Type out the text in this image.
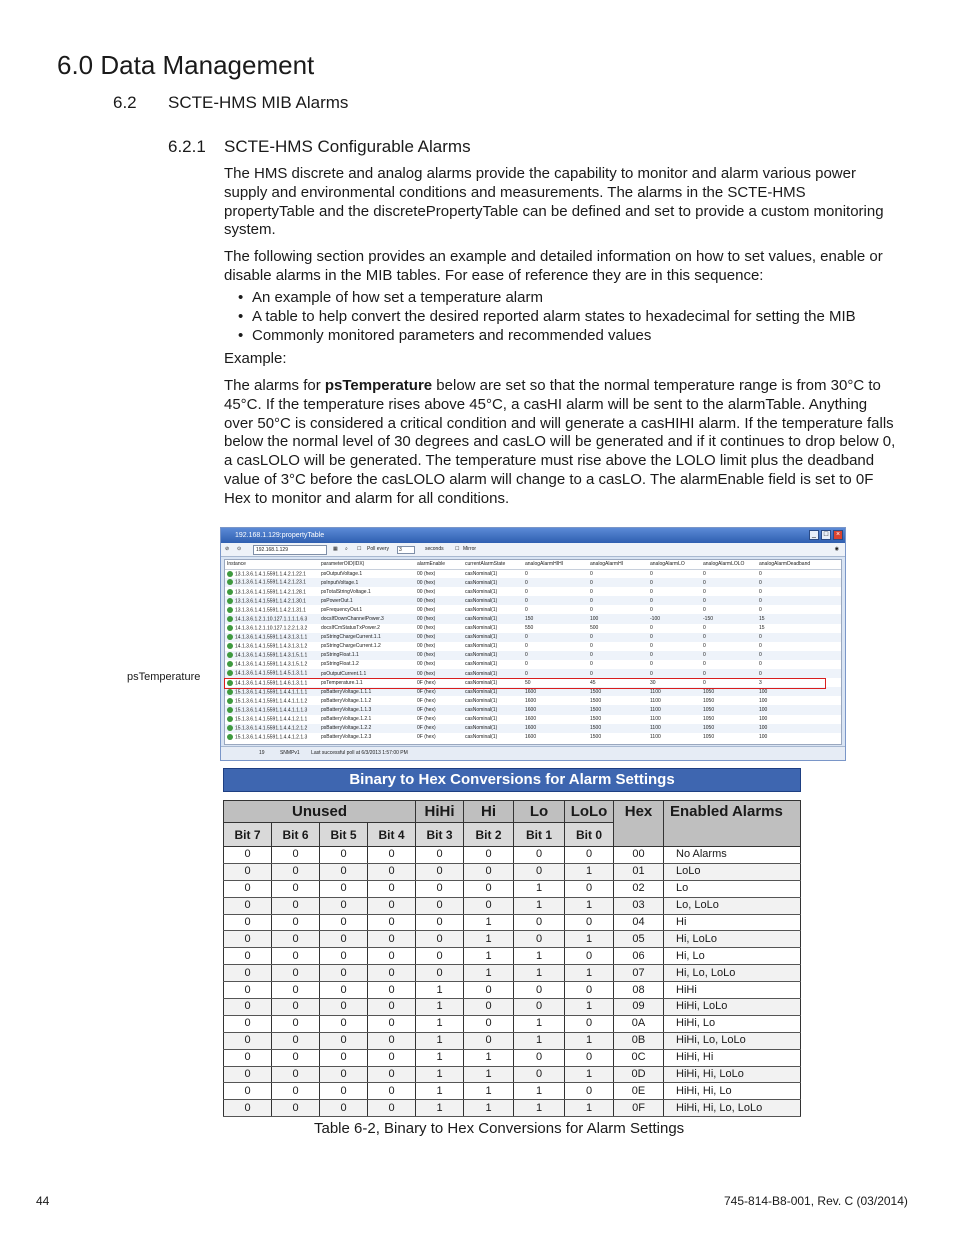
6.0 Data Management
6.2 SCTE-HMS MIB Alarms
6.2.1 SCTE-HMS Configurable Alarms

The HMS discrete and analog alarms provide the capability to monitor and alarm various power supply and environmental conditions and measurements. The alarms in the SCTE-HMS propertyTable and the discretePropertyTable can be defined and set to provide a custom monitoring system.

The following section provides an example and detailed information on how to set values, enable or disable alarms in the MIB tables. For ease of reference they are in this sequence:

• An example of how set a temperature alarm
• A table to help convert the desired reported alarm states to hexadecimal for setting the MIB
• Commonly monitored parameters and recommended values

Example:

The alarms for psTemperature below are set so that the normal temperature range is from 30°C to 45°C. If the temperature rises above 45°C, a casHI alarm will be sent to the alarmTable. Anything over 50°C is considered a critical condition and will generate a casHIHI alarm. If the temperature falls below the normal level of 30 degrees and casLO will be generated and if it continues to drop below 0, a casLOLO will be generated. The temperature must rise above the LOLO limit plus the deadband value of 3°C before the casLOLO alarm will change to a casLO. The alarmEnable field is set to 0F Hex to monitor and alarm for all conditions.

192.168.1.129:propertyTable	_	□	×
⊘ ⊙	192.168.1.129	▦ ⌕ ☐ Poll every	3	seconds ☐ Mirror	◉
Instance	parameterOID(IDX)	alarmEnable	currentAlarmState	analogAlarmHIHI	analogAlarmHI	analogAlarmLO	analogAlarmLOLO	analogAlarmDeadband
13.1.3.6.1.4.1.5591.1.4.2.1.22.1	psOutputVoltage.1	00 (hex)	casNominal(1)	0	0	0	0	0
13.1.3.6.1.4.1.5591.1.4.2.1.23.1	psInputVoltage.1	00 (hex)	casNominal(1)	0	0	0	0	0
13.1.3.6.1.4.1.5591.1.4.2.1.28.1	psTotalStringVoltage.1	00 (hex)	casNominal(1)	0	0	0	0	0
13.1.3.6.1.4.1.5591.1.4.2.1.30.1	psPowerOut.1	00 (hex)	casNominal(1)	0	0	0	0	0
13.1.3.6.1.4.1.5591.1.4.2.1.31.1	psFrequencyOut.1	00 (hex)	casNominal(1)	0	0	0	0	0
14.1.3.6.1.2.1.10.127.1.1.1.1.6.3	docsIfDownChannelPower.3	00 (hex)	casNominal(1)	150	100	-100	-150	15
14.1.3.6.1.2.1.10.127.1.2.2.1.3.2	docsIfCmStatusTxPower.2	00 (hex)	casNominal(1)	550	500	0	0	15
14.1.3.6.1.4.1.5591.1.4.3.1.3.1.1	psStringChargeCurrent.1.1	00 (hex)	casNominal(1)	0	0	0	0	0
14.1.3.6.1.4.1.5591.1.4.3.1.3.1.2	psStringChargeCurrent.1.2	00 (hex)	casNominal(1)	0	0	0	0	0
14.1.3.6.1.4.1.5591.1.4.3.1.5.1.1	psStringFloat.1.1	00 (hex)	casNominal(1)	0	0	0	0	0
14.1.3.6.1.4.1.5591.1.4.3.1.5.1.2	psStringFloat.1.2	00 (hex)	casNominal(1)	0	0	0	0	0
14.1.3.6.1.4.1.5591.1.4.5.1.3.1.1	psOutputCurrent.1.1	00 (hex)	casNominal(1)	0	0	0	0	0
14.1.3.6.1.4.1.5591.1.4.6.1.3.1.1	psTemperature.1.1	0F (hex)	casNominal(1)	50	45	30	0	3
15.1.3.6.1.4.1.5591.1.4.4.1.1.1.1	psBatteryVoltage.1.1.1	0F (hex)	casNominal(1)	1600	1500	1100	1050	100
15.1.3.6.1.4.1.5591.1.4.4.1.1.1.2	psBatteryVoltage.1.1.2	0F (hex)	casNominal(1)	1600	1500	1100	1050	100
15.1.3.6.1.4.1.5591.1.4.4.1.1.1.3	psBatteryVoltage.1.1.3	0F (hex)	casNominal(1)	1600	1500	1100	1050	100
15.1.3.6.1.4.1.5591.1.4.4.1.2.1.1	psBatteryVoltage.1.2.1	0F (hex)	casNominal(1)	1600	1500	1100	1050	100
15.1.3.6.1.4.1.5591.1.4.4.1.2.1.2	psBatteryVoltage.1.2.2	0F (hex)	casNominal(1)	1600	1500	1100	1050	100
15.1.3.6.1.4.1.5591.1.4.4.1.2.1.3	psBatteryVoltage.1.2.3	0F (hex)	casNominal(1)	1600	1500	1100	1050	100
19	SNMPv1 Last successful poll at 6/3/2013 1:57:00 PM
psTemperature
Binary to Hex Conversions for Alarm Settings
Unused				HiHi	Hi	Lo	LoLo	Hex	Enabled Alarms
Bit 7	Bit 6	Bit 5	Bit 4	Bit 3	Bit 2	Bit 1	Bit 0		
0	0	0	0	0	0	0	0	00	No Alarms
0	0	0	0	0	0	0	1	01	LoLo
0	0	0	0	0	0	1	0	02	Lo
0	0	0	0	0	0	1	1	03	Lo, LoLo
0	0	0	0	0	1	0	0	04	Hi
0	0	0	0	0	1	0	1	05	Hi, LoLo
0	0	0	0	0	1	1	0	06	Hi, Lo
0	0	0	0	0	1	1	1	07	Hi, Lo, LoLo
0	0	0	0	1	0	0	0	08	HiHi
0	0	0	0	1	0	0	1	09	HiHi, LoLo
0	0	0	0	1	0	1	0	0A	HiHi, Lo
0	0	0	0	1	0	1	1	0B	HiHi, Lo, LoLo
0	0	0	0	1	1	0	0	0C	HiHi, Hi
0	0	0	0	1	1	0	1	0D	HiHi, Hi, LoLo
0	0	0	0	1	1	1	0	0E	HiHi, Hi, Lo
0	0	0	0	1	1	1	1	0F	HiHi, Hi, Lo, LoLo
Table 6-2, Binary to Hex Conversions for Alarm Settings
44	745-814-B8-001, Rev. C (03/2014)
